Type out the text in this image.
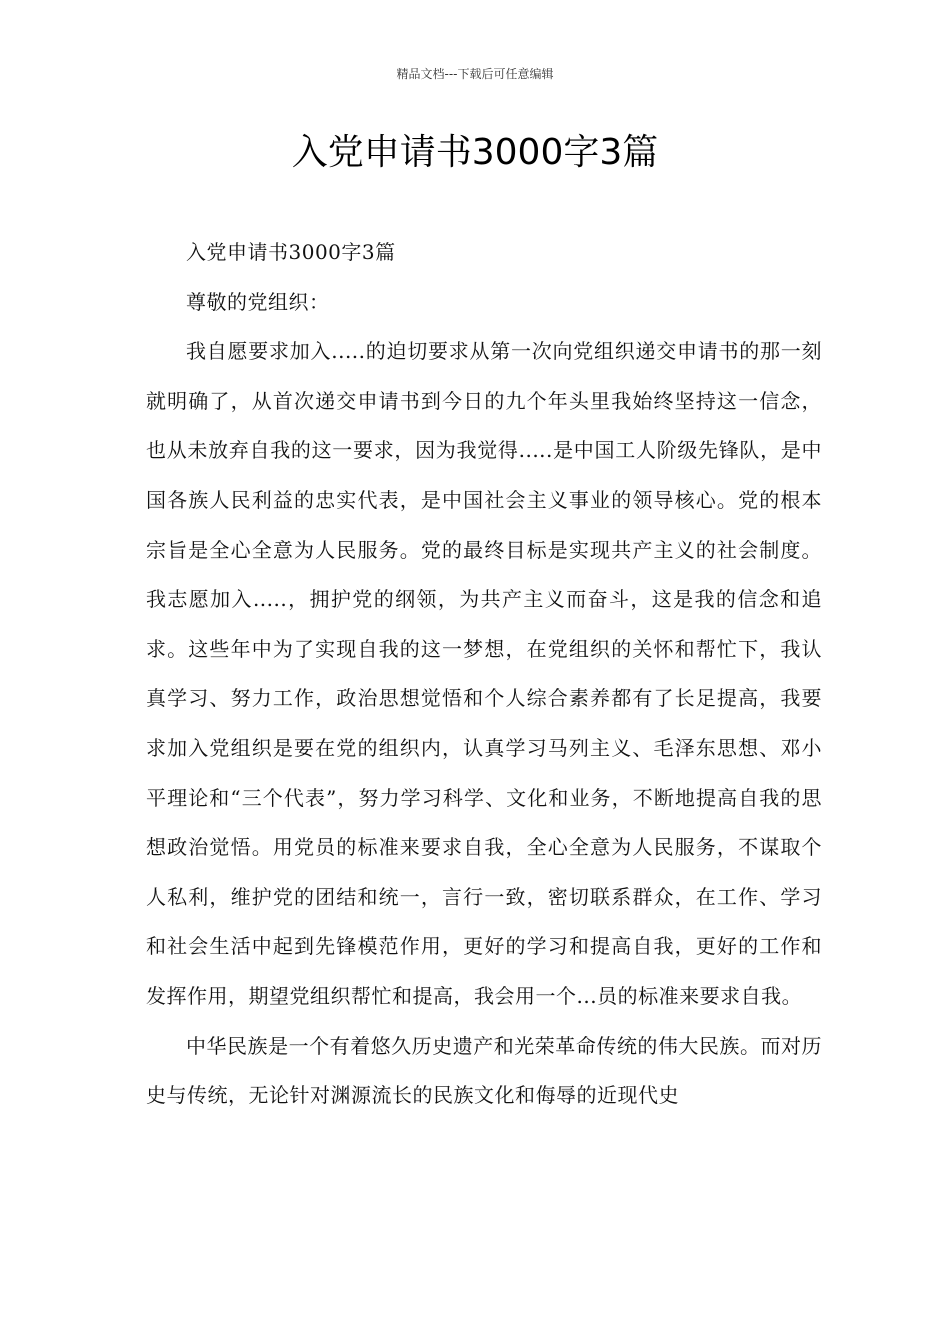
精品文档---下载后可任意编辑
入党申请书3000字3篇

入党申请书3000字3篇

尊敬的党组织：

我自愿要求加入.....的迫切要求从第一次向党组织递交申请书的那一刻就明确了，从首次递交申请书到今日的九个年头里我始终坚持这一信念，也从未放弃自我的这一要求，因为我觉得.....是中国工人阶级先锋队，是中国各族人民利益的忠实代表，是中国社会主义事业的领导核心。党的根本宗旨是全心全意为人民服务。党的最终目标是实现共产主义的社会制度。我志愿加入.....，拥护党的纲领，为共产主义而奋斗，这是我的信念和追求。这些年中为了实现自我的这一梦想，在党组织的关怀和帮忙下，我认真学习、努力工作，政治思想觉悟和个人综合素养都有了长足提高，我要求加入党组织是要在党的组织内，认真学习马列主义、毛泽东思想、邓小平理论和“三个代表”，努力学习科学、文化和业务，不断地提高自我的思想政治觉悟。用党员的标准来要求自我，全心全意为人民服务，不谋取个人私利，维护党的团结和统一，言行一致，密切联系群众，在工作、学习和社会生活中起到先锋模范作用，更好的学习和提高自我，更好的工作和发挥作用，期望党组织帮忙和提高，我会用一个...员的标准来要求自我。

中华民族是一个有着悠久历史遗产和光荣革命传统的伟大民族。而对历史与传统，无论针对渊源流长的民族文化和侮辱的近现代史
